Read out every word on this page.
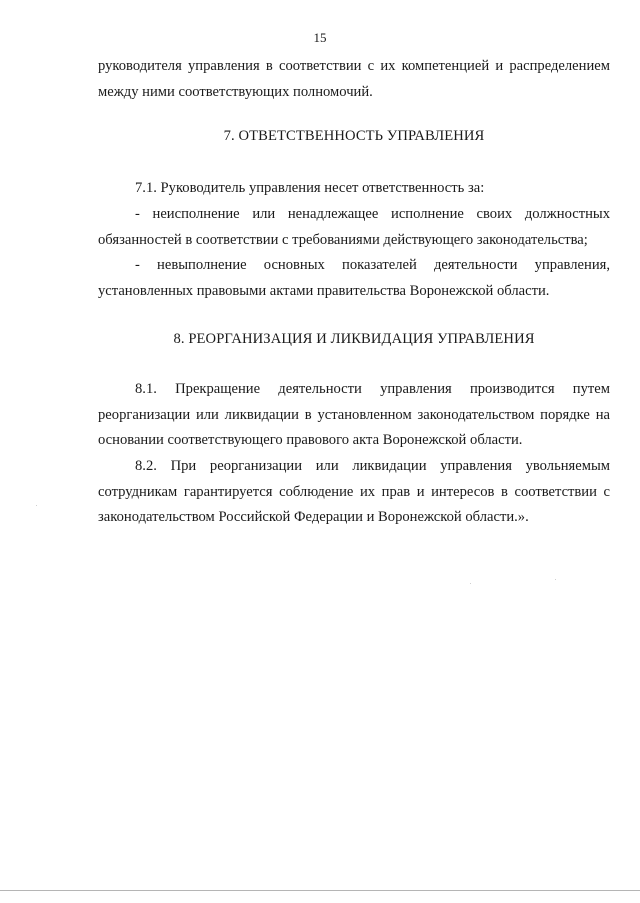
15

руководителя управления в соответствии с их компетенцией и распределением между ними соответствующих полномочий.

7. ОТВЕТСТВЕННОСТЬ УПРАВЛЕНИЯ

7.1. Руководитель управления несет ответственность за:

- неисполнение или ненадлежащее исполнение своих должностных обязанностей в соответствии с требованиями действующего законодательства;

- невыполнение основных показателей деятельности управления, установленных правовыми актами правительства Воронежской области.

8. РЕОРГАНИЗАЦИЯ И ЛИКВИДАЦИЯ УПРАВЛЕНИЯ

8.1. Прекращение деятельности управления производится путем реорганизации или ликвидации в установленном законодательством порядке на основании соответствующего правового акта Воронежской области.

8.2. При реорганизации или ликвидации управления увольняемым сотрудникам гарантируется соблюдение их прав и интересов в соответствии с законодательством Российской Федерации и Воронежской области.».
